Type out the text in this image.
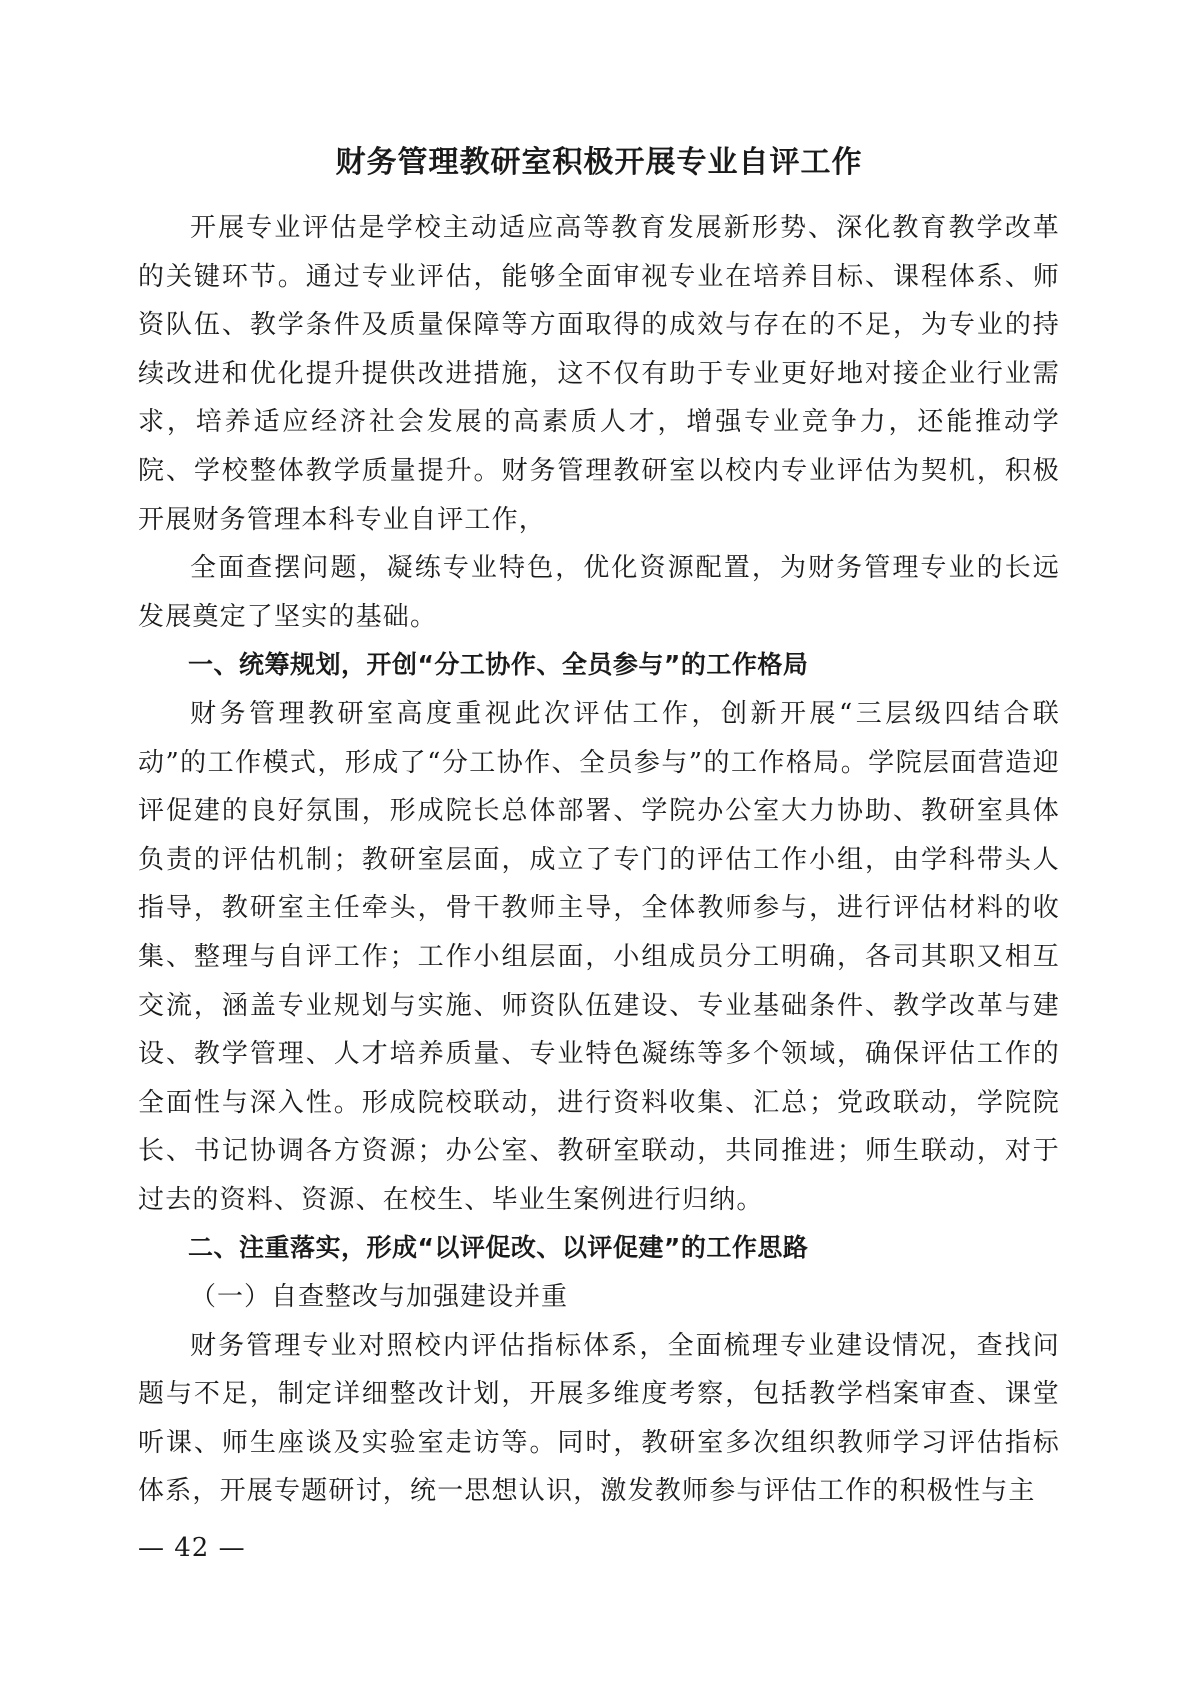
财务管理教研室积极开展专业自评工作

开展专业评估是学校主动适应高等教育发展新形势、深化教育教学改革的关键环节。通过专业评估，能够全面审视专业在培养目标、课程体系、师资队伍、教学条件及质量保障等方面取得的成效与存在的不足，为专业的持续改进和优化提升提供改进措施，这不仅有助于专业更好地对接企业行业需求，培养适应经济社会发展的高素质人才，增强专业竞争力，还能推动学院、学校整体教学质量提升。财务管理教研室以校内专业评估为契机，积极开展财务管理本科专业自评工作，

全面查摆问题，凝练专业特色，优化资源配置，为财务管理专业的长远发展奠定了坚实的基础。

一、统筹规划，开创“分工协作、全员参与”的工作格局

财务管理教研室高度重视此次评估工作，创新开展“三层级四结合联动”的工作模式，形成了“分工协作、全员参与”的工作格局。学院层面营造迎评促建的良好氛围，形成院长总体部署、学院办公室大力协助、教研室具体负责的评估机制；教研室层面，成立了专门的评估工作小组，由学科带头人指导，教研室主任牵头，骨干教师主导，全体教师参与，进行评估材料的收集、整理与自评工作；工作小组层面，小组成员分工明确，各司其职又相互交流，涵盖专业规划与实施、师资队伍建设、专业基础条件、教学改革与建设、教学管理、人才培养质量、专业特色凝练等多个领域，确保评估工作的全面性与深入性。形成院校联动，进行资料收集、汇总；党政联动，学院院长、书记协调各方资源；办公室、教研室联动，共同推进；师生联动，对于过去的资料、资源、在校生、毕业生案例进行归纳。

二、注重落实，形成“以评促改、以评促建”的工作思路

（一）自查整改与加强建设并重

财务管理专业对照校内评估指标体系，全面梳理专业建设情况，查找问题与不足，制定详细整改计划，开展多维度考察，包括教学档案审查、课堂听课、师生座谈及实验室走访等。同时，教研室多次组织教师学习评估指标体系，开展专题研讨，统一思想认识，激发教师参与评估工作的积极性与主

— 42 —
